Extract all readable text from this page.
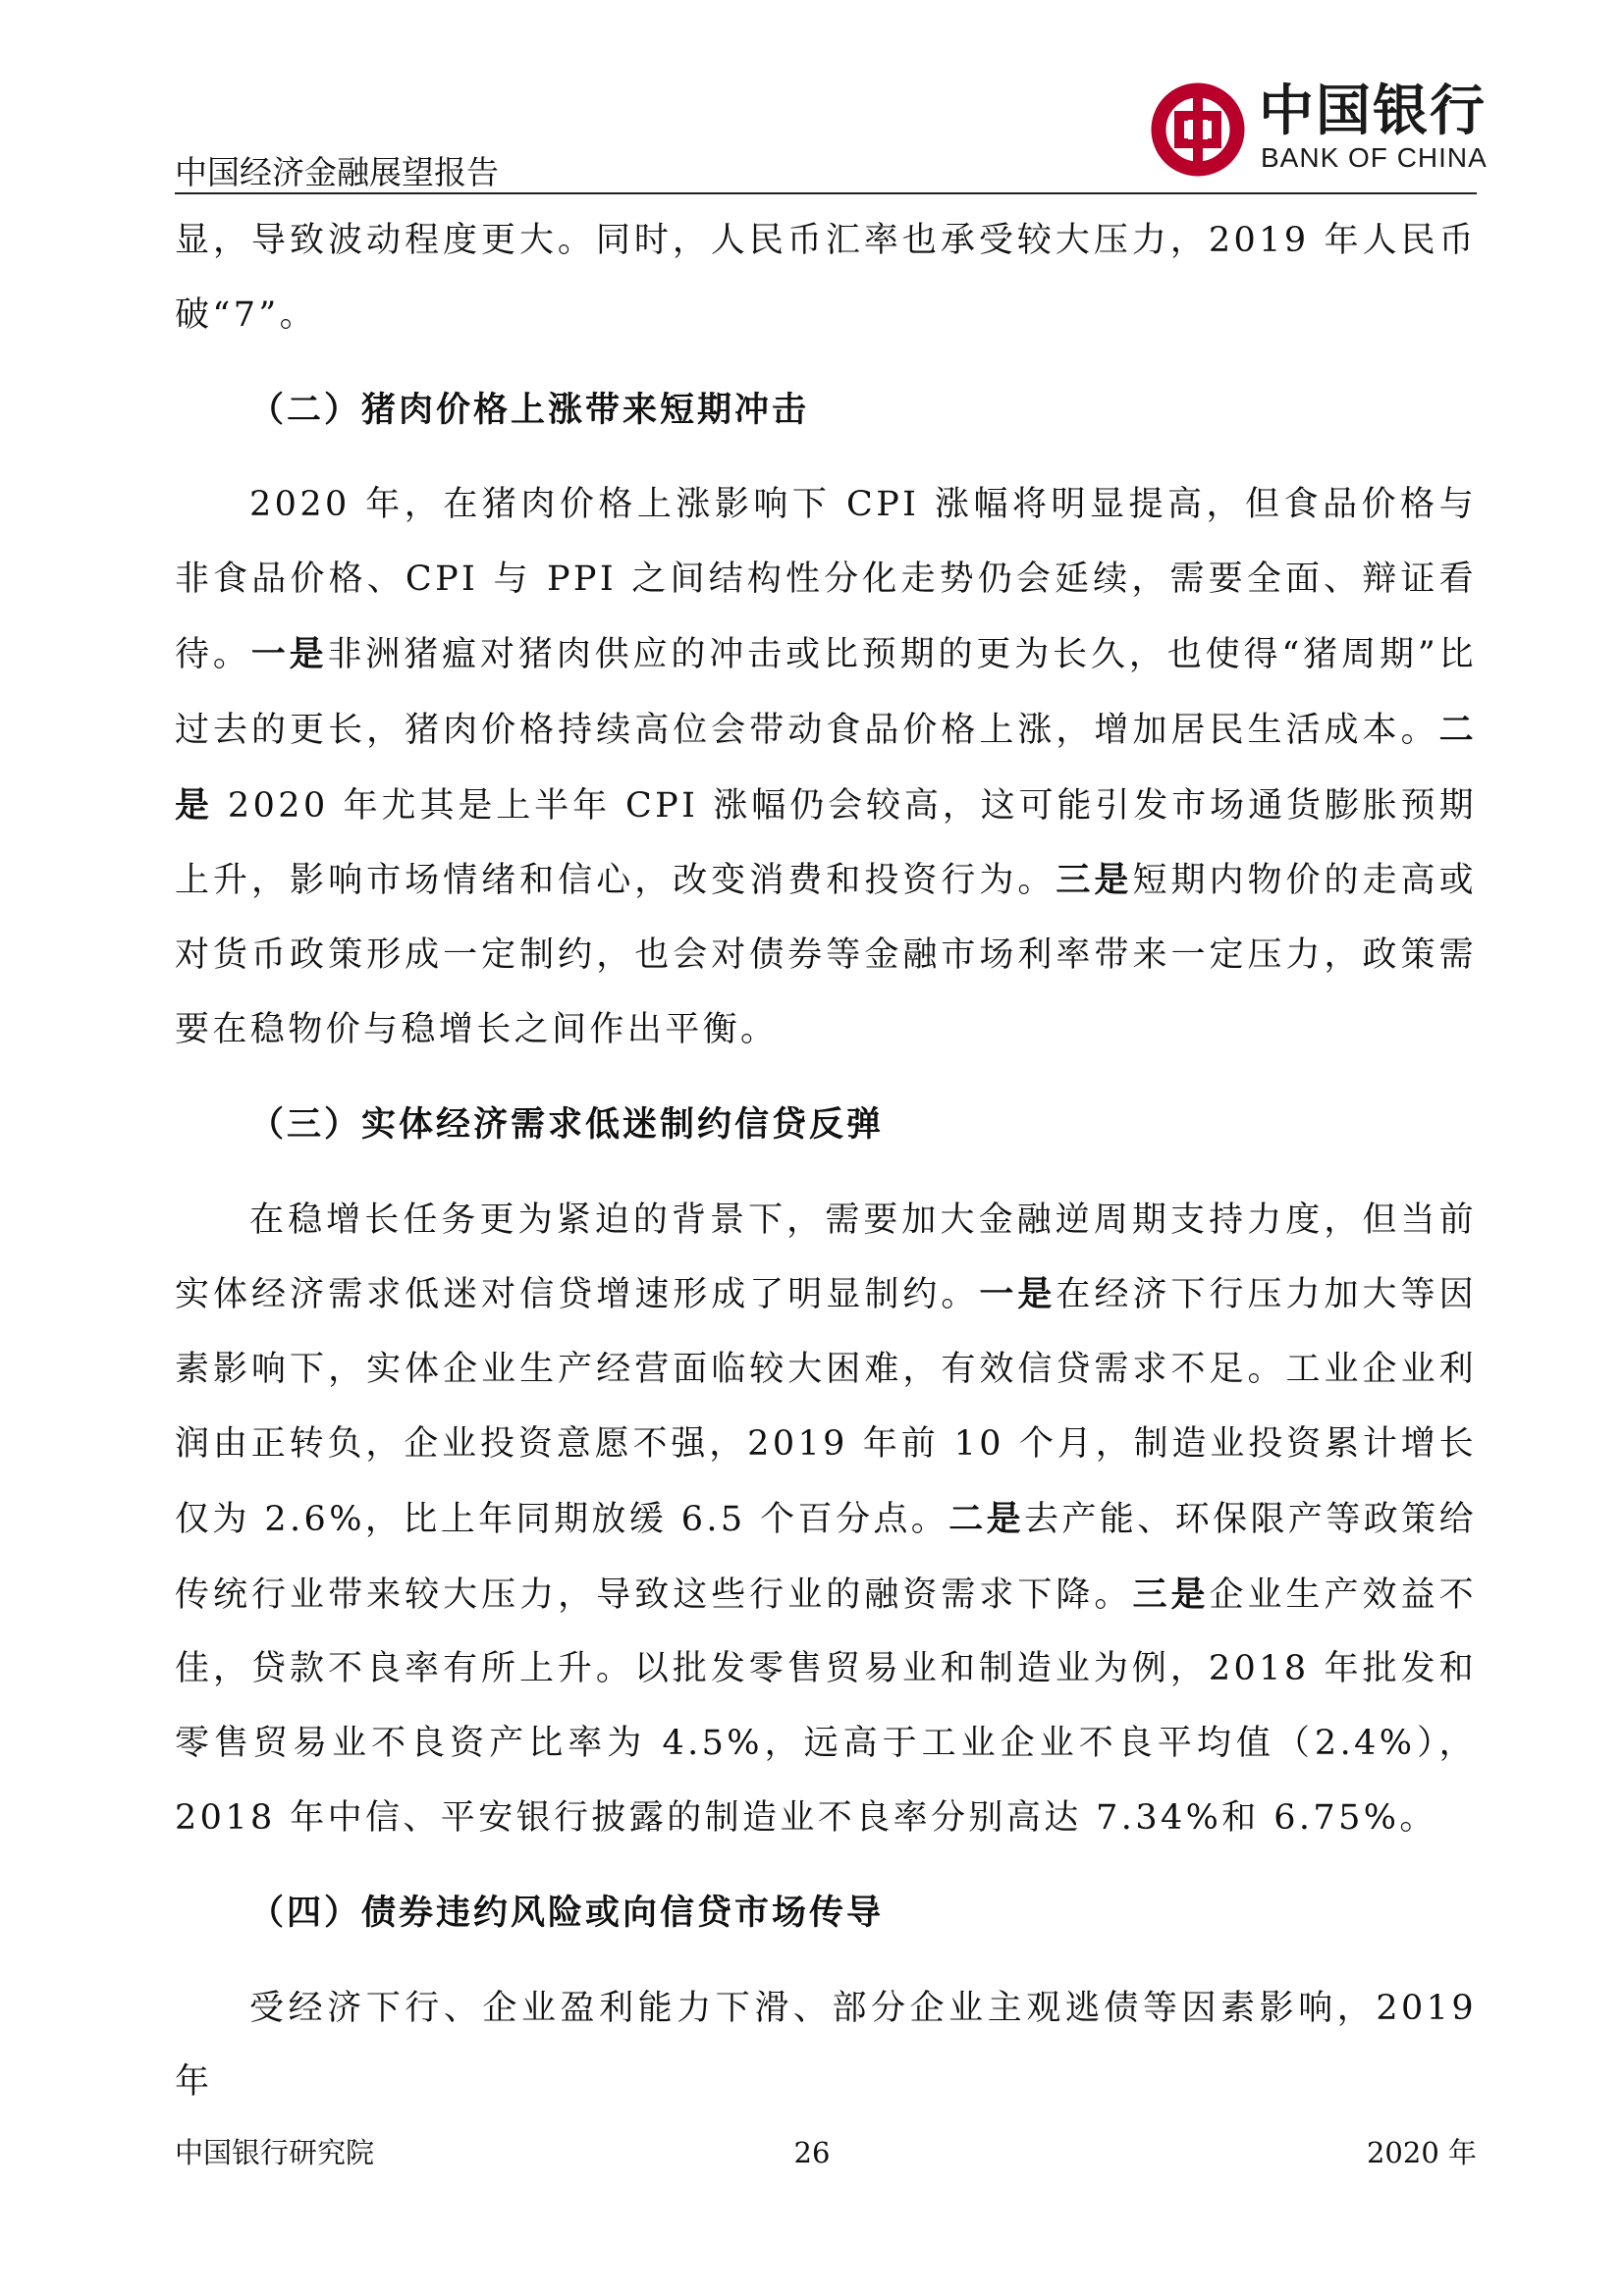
中国经济金融展望报告
中国银行
BANK OF CHINA

显，导致波动程度更大。同时，人民币汇率也承受较大压力，2019 年人民币破“7”。

（二）猪肉价格上涨带来短期冲击

2020 年，在猪肉价格上涨影响下 CPI 涨幅将明显提高，但食品价格与非食品价格、CPI 与 PPI 之间结构性分化走势仍会延续，需要全面、辩证看待。一是非洲猪瘟对猪肉供应的冲击或比预期的更为长久，也使得“猪周期”比过去的更长，猪肉价格持续高位会带动食品价格上涨，增加居民生活成本。二是 2020 年尤其是上半年 CPI 涨幅仍会较高，这可能引发市场通货膨胀预期上升，影响市场情绪和信心，改变消费和投资行为。三是短期内物价的走高或对货币政策形成一定制约，也会对债券等金融市场利率带来一定压力，政策需要在稳物价与稳增长之间作出平衡。

（三）实体经济需求低迷制约信贷反弹

在稳增长任务更为紧迫的背景下，需要加大金融逆周期支持力度，但当前实体经济需求低迷对信贷增速形成了明显制约。一是在经济下行压力加大等因素影响下，实体企业生产经营面临较大困难，有效信贷需求不足。工业企业利润由正转负，企业投资意愿不强，2019 年前 10 个月，制造业投资累计增长仅为 2.6%，比上年同期放缓 6.5 个百分点。二是去产能、环保限产等政策给传统行业带来较大压力，导致这些行业的融资需求下降。三是企业生产效益不佳，贷款不良率有所上升。以批发零售贸易业和制造业为例，2018 年批发和零售贸易业不良资产比率为 4.5%，远高于工业企业不良平均值（2.4%），2018 年中信、平安银行披露的制造业不良率分别高达 7.34%和 6.75%。

（四）债券违约风险或向信贷市场传导

受经济下行、企业盈利能力下滑、部分企业主观逃债等因素影响，2019 年

中国银行研究院	26	2020 年
